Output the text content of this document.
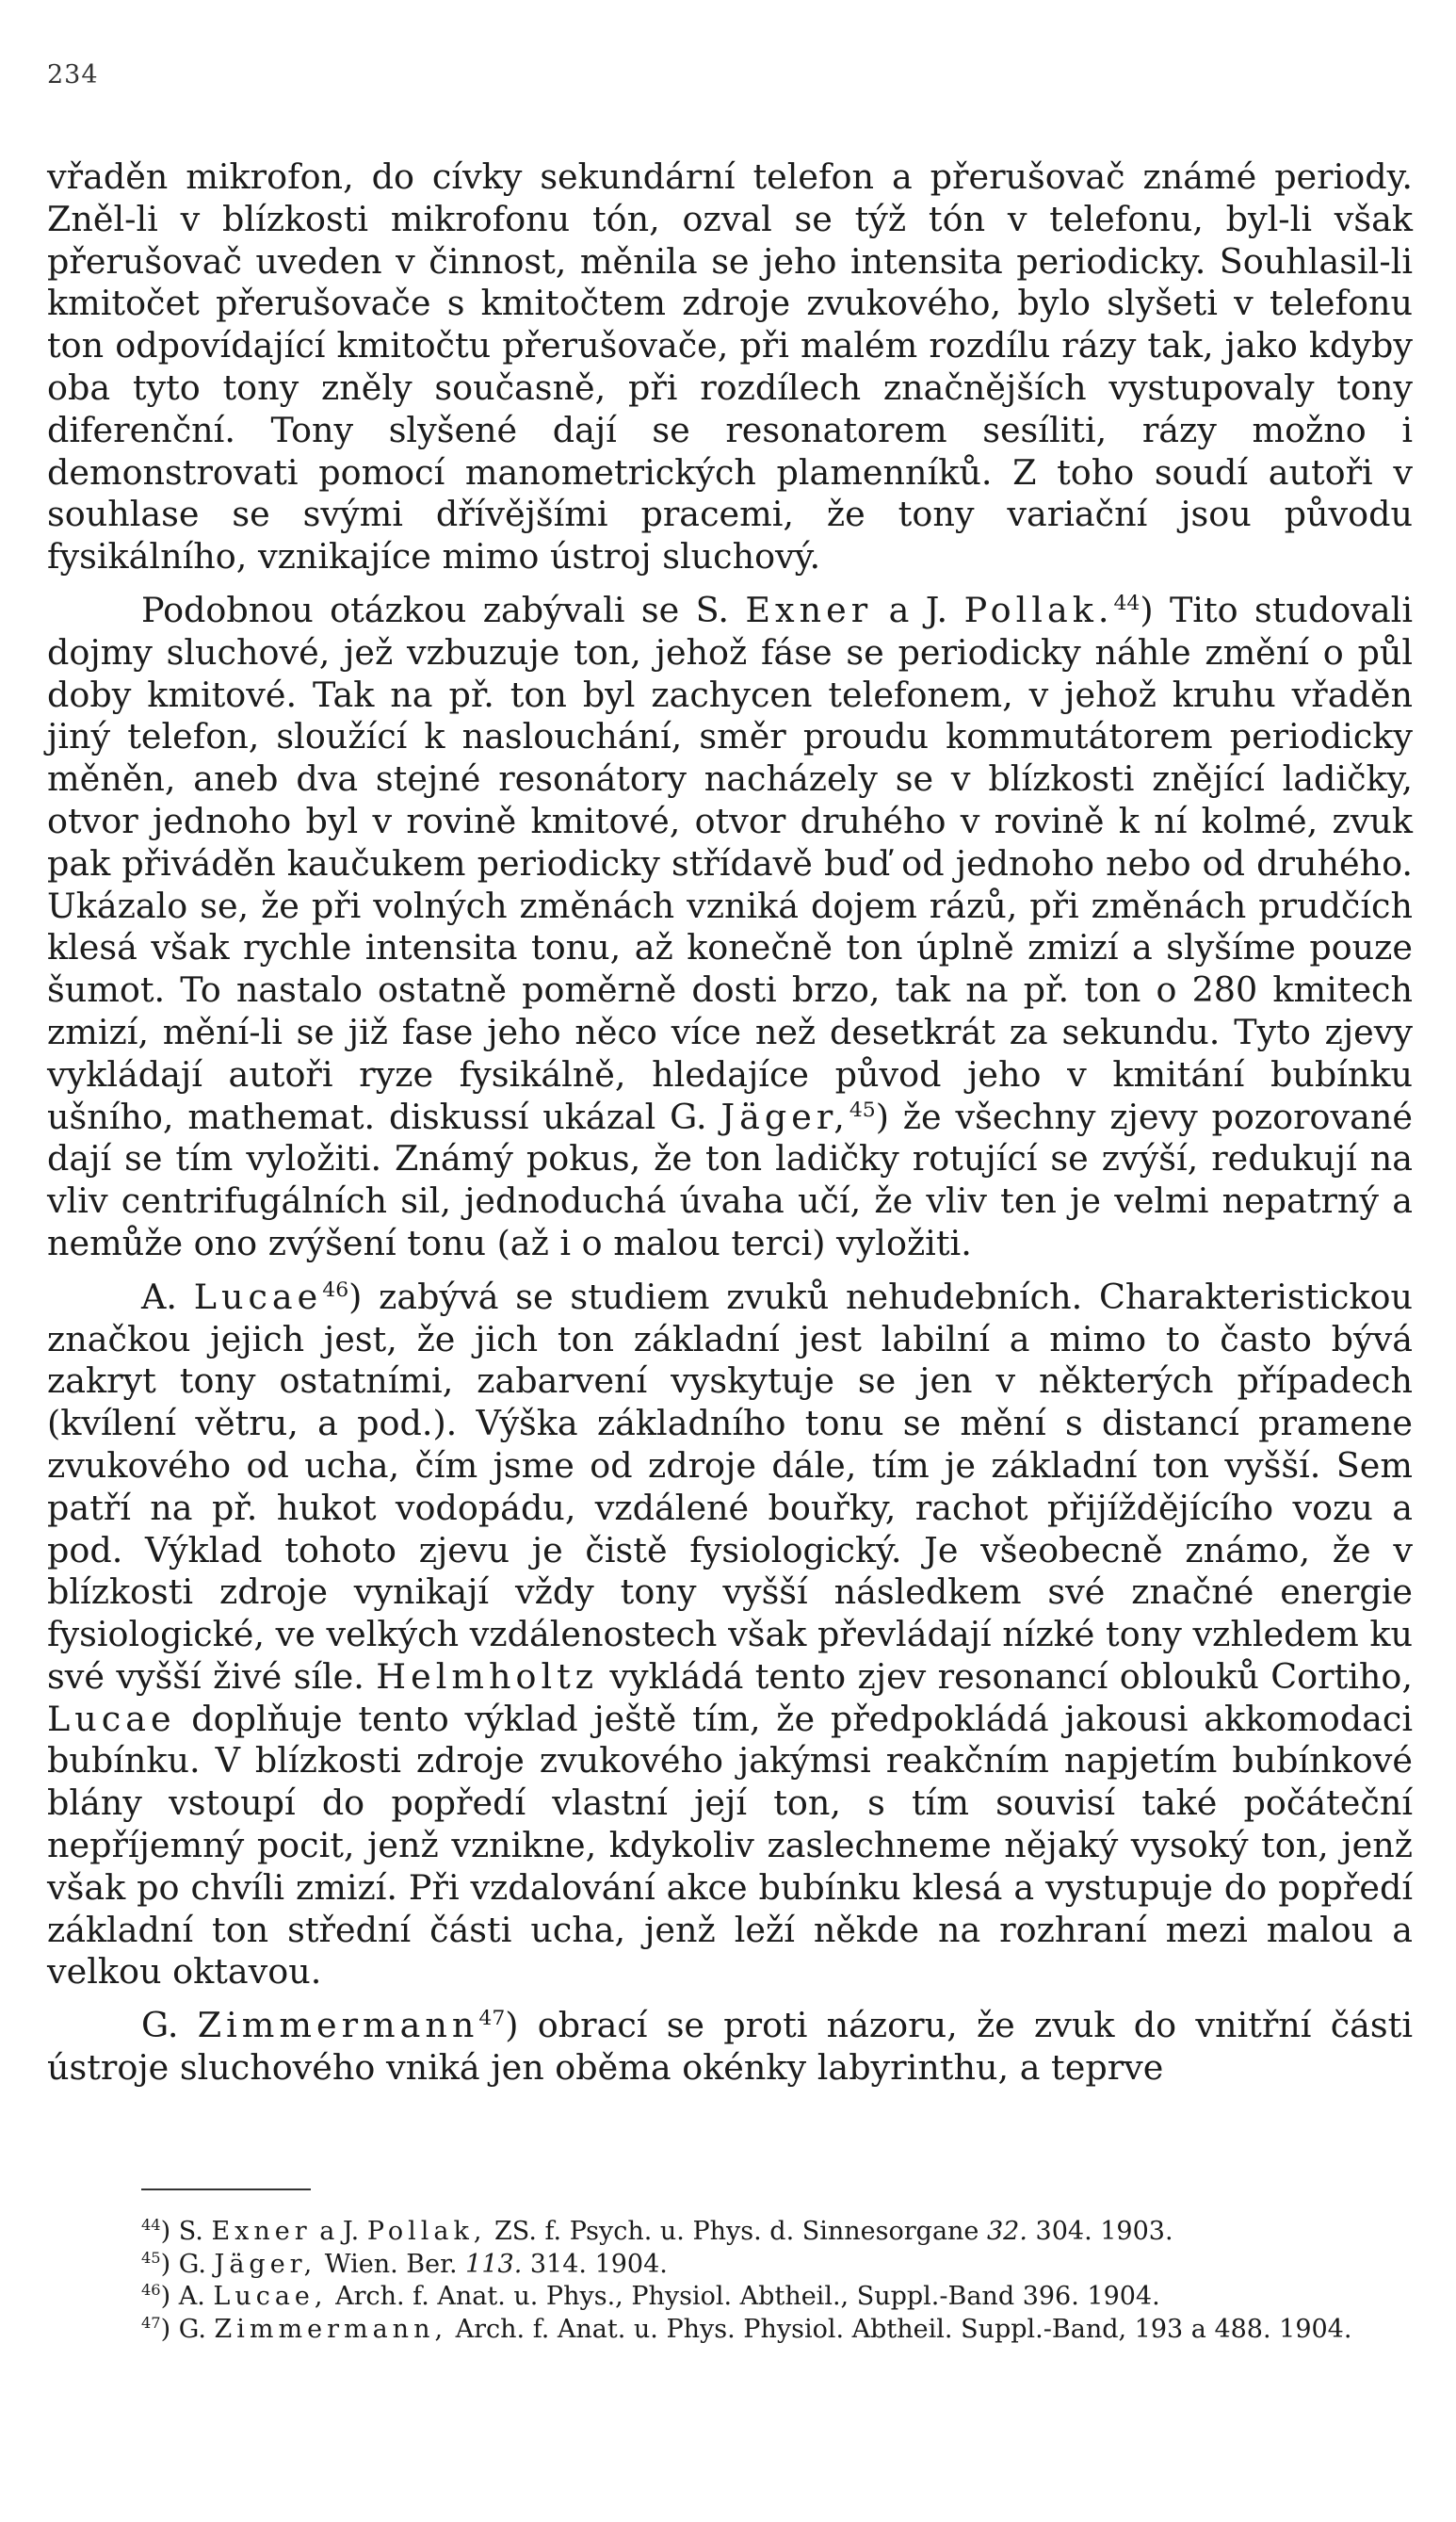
234

vřaděn mikrofon, do cívky sekundární telefon a přerušovač známé periody. Zněl-li v blízkosti mikrofonu tón, ozval se týž tón v telefonu, byl-li však přerušovač uveden v činnost, měnila se jeho intensita periodicky. Souhlasil-li kmitočet přerušovače s kmitočtem zdroje zvukového, bylo slyšeti v telefonu ton odpovídající kmitočtu přerušovače, při malém rozdílu rázy tak, jako kdyby oba tyto tony zněly současně, při rozdílech značnějších vystupovaly tony diferenční. Tony slyšené dají se resonatorem sesíliti, rázy možno i demonstrovati pomocí manometrických plamenníků. Z toho soudí autoři v souhlase se svými dřívějšími pracemi, že tony variační jsou původu fysikálního, vznikajíce mimo ústroj sluchový.

Podobnou otázkou zabývali se S. Exner a J. Pollak.$^{44}$) Tito studovali dojmy sluchové, jež vzbuzuje ton, jehož fáse se periodicky náhle změní o půl doby kmitové. Tak na př. ton byl zachycen telefonem, v jehož kruhu vřaděn jiný telefon, sloužící k naslouchání, směr proudu kommutátorem periodicky měněn, aneb dva stejné resonátory nacházely se v blízkosti znějící ladičky, otvor jednoho byl v rovině kmitové, otvor druhého v rovině k ní kolmé, zvuk pak přiváděn kaučukem periodicky střídavě buď od jednoho nebo od druhého. Ukázalo se, že při volných změnách vzniká dojem rázů, při změnách prudčích klesá však rychle intensita tonu, až konečně ton úplně zmizí a slyšíme pouze šumot. To nastalo ostatně poměrně dosti brzo, tak na př. ton o 280 kmitech zmizí, mění-li se již fase jeho něco více než desetkrát za sekundu. Tyto zjevy vykládají autoři ryze fysikálně, hledajíce původ jeho v kmitání bubínku ušního, mathemat. diskussí ukázal G. Jäger,$^{45}$) že všechny zjevy pozorované dají se tím vyložiti. Známý pokus, že ton ladičky rotující se zvýší, redukují na vliv centrifugálních sil, jednoduchá úvaha učí, že vliv ten je velmi nepatrný a nemůže ono zvýšení tonu (až i o malou terci) vyložiti.

A. Lucae$^{46}$) zabývá se studiem zvuků nehudebních. Charakteristickou značkou jejich jest, že jich ton základní jest labilní a mimo to často bývá zakryt tony ostatními, zabarvení vyskytuje se jen v některých případech (kvílení větru, a pod.). Výška základního tonu se mění s distancí pramene zvukového od ucha, čím jsme od zdroje dále, tím je základní ton vyšší. Sem patří na př. hukot vodopádu, vzdálené bouřky, rachot přijíždějícího vozu a pod. Výklad tohoto zjevu je čistě fysiologický. Je všeobecně známo, že v blízkosti zdroje vynikají vždy tony vyšší následkem své značné energie fysiologické, ve velkých vzdálenostech však převládají nízké tony vzhledem ku své vyšší živé síle. Helmholtz vykládá tento zjev resonancí oblouků Cortiho, Lucae doplňuje tento výklad ještě tím, že předpokládá jakousi akkomodaci bubínku. V blízkosti zdroje zvukového jakýmsi reakčním napjetím bubínkové blány vstoupí do popředí vlastní její ton, s tím souvisí také počáteční nepříjemný pocit, jenž vznikne, kdykoliv zaslechneme nějaký vysoký ton, jenž však po chvíli zmizí. Při vzdalování akce bubínku klesá a vystupuje do popředí základní ton střední části ucha, jenž leží někde na rozhraní mezi malou a velkou oktavou.

G. Zimmermann$^{47}$) obrací se proti názoru, že zvuk do vnitřní části ústroje sluchového vniká jen oběma okénky labyrinthu, a teprve

$^{44}$) S. Exner a J. Pollak, ZS. f. Psych. u. Phys. d. Sinnesorgane 32. 304. 1903.

$^{45}$) G. Jäger, Wien. Ber. 113. 314. 1904.

$^{46}$) A. Lucae, Arch. f. Anat. u. Phys., Physiol. Abtheil., Suppl.-Band 396. 1904.

$^{47}$) G. Zimmermann, Arch. f. Anat. u. Phys. Physiol. Abtheil. Suppl.-Band, 193 a 488. 1904.
